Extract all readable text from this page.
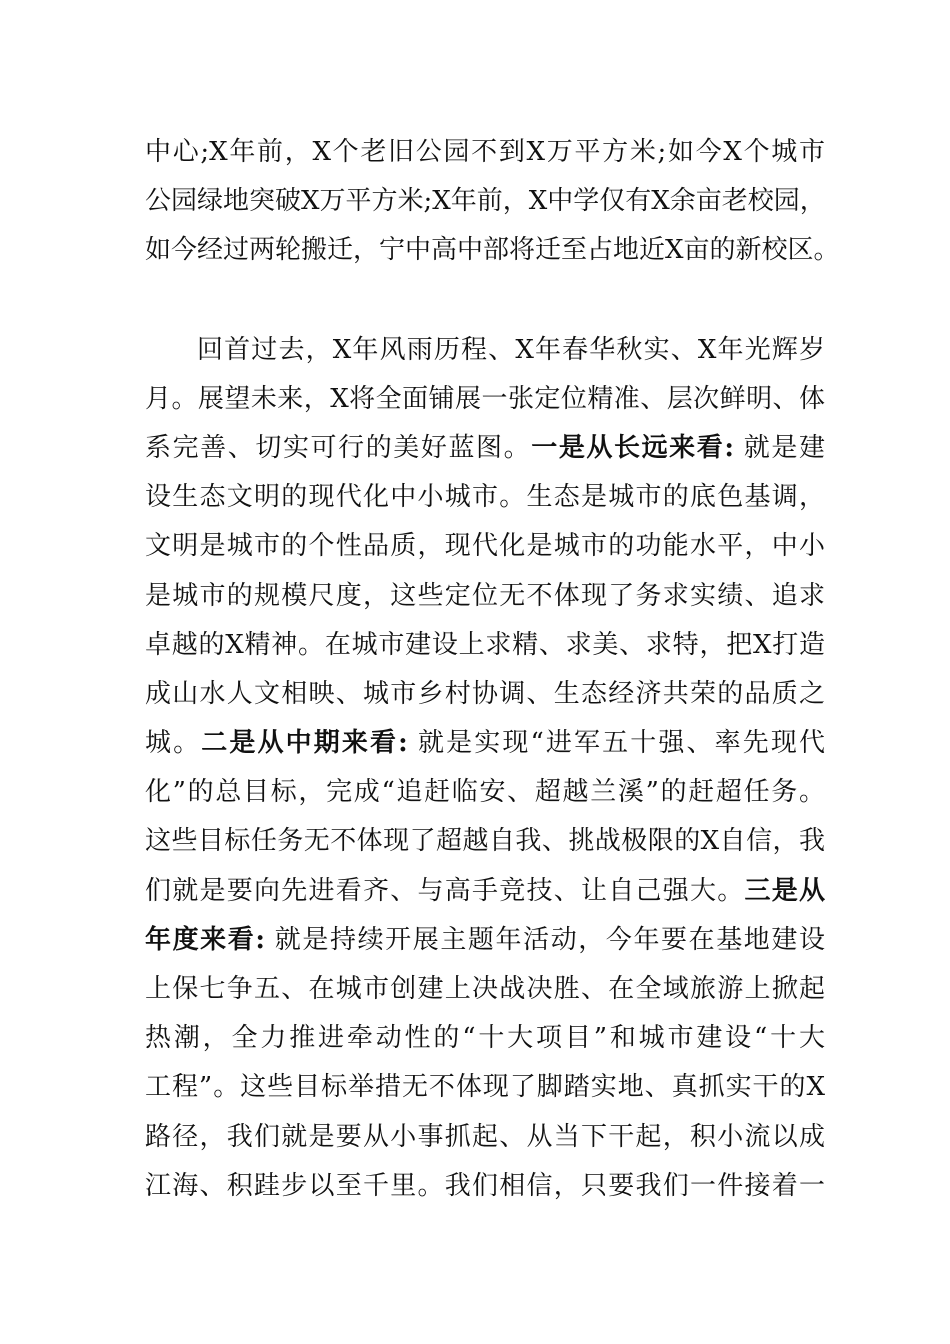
中心;X年前，X个老旧公园不到X万平方米;如今X个城市
公园绿地突破X万平方米;X年前，X中学仅有X余亩老校园，
如今经过两轮搬迁，宁中高中部将迁至占地近X亩的新校区。
回首过去，X年风雨历程、X年春华秋实、X年光辉岁
月。展望未来，X将全面铺展一张定位精准、层次鲜明、体
系完善、切实可行的美好蓝图。一是从长远来看: 就是建
设生态文明的现代化中小城市。生态是城市的底色基调，
文明是城市的个性品质，现代化是城市的功能水平，中小
是城市的规模尺度，这些定位无不体现了务求实绩、追求
卓越的X精神。在城市建设上求精、求美、求特，把X打造
成山水人文相映、城市乡村协调、生态经济共荣的品质之
城。二是从中期来看: 就是实现“进军五十强、率先现代
化”的总目标，完成“追赶临安、超越兰溪”的赶超任务。
这些目标任务无不体现了超越自我、挑战极限的X自信，我
们就是要向先进看齐、与高手竞技、让自己强大。三是从
年度来看: 就是持续开展主题年活动，今年要在基地建设
上保七争五、在城市创建上决战决胜、在全域旅游上掀起
热潮，全力推进牵动性的“十大项目”和城市建设“十大
工程”。这些目标举措无不体现了脚踏实地、真抓实干的X
路径，我们就是要从小事抓起、从当下干起，积小流以成
江海、积跬步以至千里。我们相信，只要我们一件接着一
